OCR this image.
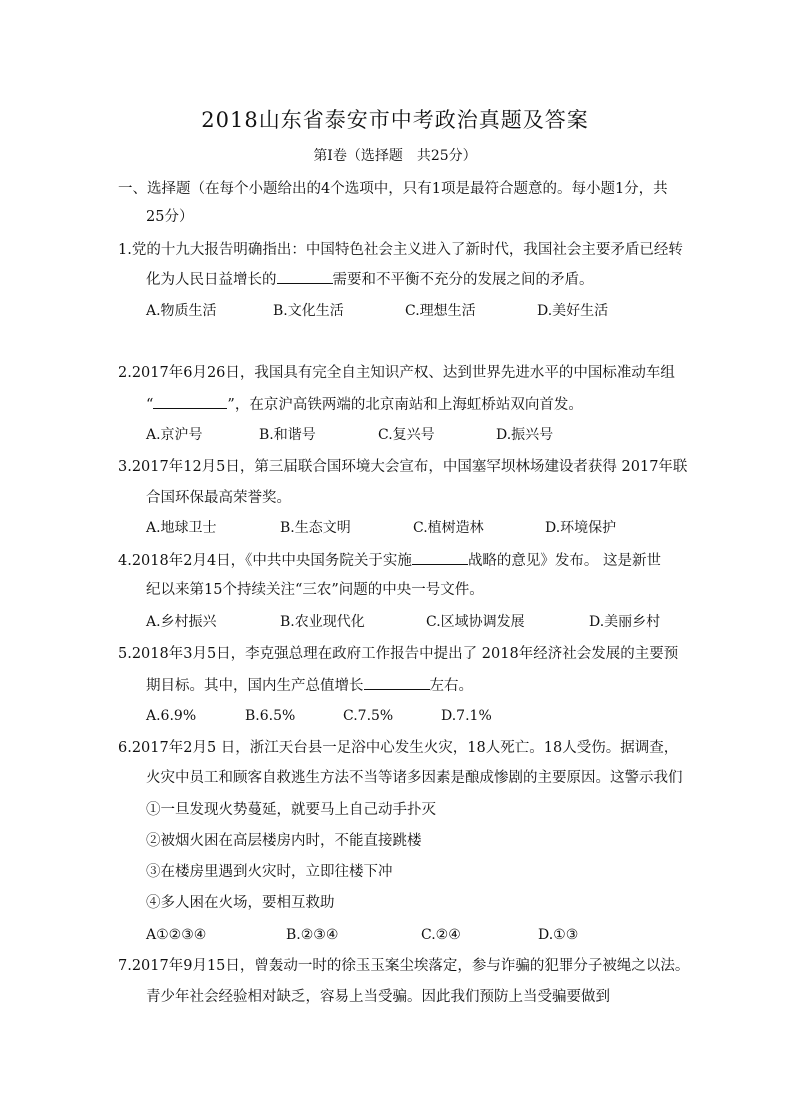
2018山东省泰安市中考政治真题及答案
第Ⅰ卷（选择题　共25分）
一、选择题（在每个小题给出的4个选项中，只有1项是最符合题意的。每小题1分，共
25分）
1.党的十九大报告明确指出：中国特色社会主义进入了新时代，我国社会主要矛盾已经转
化为人民日益增长的	需要和不平衡不充分的发展之间的矛盾。
A.物质生活	B.文化生活	C.理想生活	D.美好生活
2.2017年6月26日，我国具有完全自主知识产权、达到世界先进水平的中国标准动车组
“	”，在京沪高铁两端的北京南站和上海虹桥站双向首发。
A.京沪号	B.和谐号	C.复兴号	D.振兴号
3.2017年12月5日，第三届联合国环境大会宣布，中国塞罕坝林场建设者获得 2017年联
合国环保最高荣誉奖。
A.地球卫士	B.生态文明	C.植树造林	D.环境保护
4.2018年2月4日，《中共中央国务院关于实施	战略的意见》发布。 这是新世
纪以来第15个持续关注“三农”问题的中央一号文件。
A.乡村振兴	B.农业现代化	C.区域协调发展	D.美丽乡村
5.2018年3月5日，李克强总理在政府工作报告中提出了 2018年经济社会发展的主要预
期目标。其中，国内生产总值增长	左右。
A.6.9%	B.6.5%	C.7.5%	D.7.1%
6.2017年2月5 日，浙江天台县一足浴中心发生火灾，18人死亡。18人受伤。据调查，
火灾中员工和顾客自救逃生方法不当等诸多因素是酿成惨剧的主要原因。这警示我们
①一旦发现火势蔓延，就要马上自己动手扑灭
②被烟火困在高层楼房内时，不能直接跳楼
③在楼房里遇到火灾时，立即往楼下冲
④多人困在火场，要相互救助
A①②③④	B.②③④	C.②④	D.①③
7.2017年9月15日，曾轰动一时的徐玉玉案尘埃落定，参与诈骗的犯罪分子被绳之以法。
青少年社会经验相对缺乏，容易上当受骗。因此我们预防上当受骗要做到
